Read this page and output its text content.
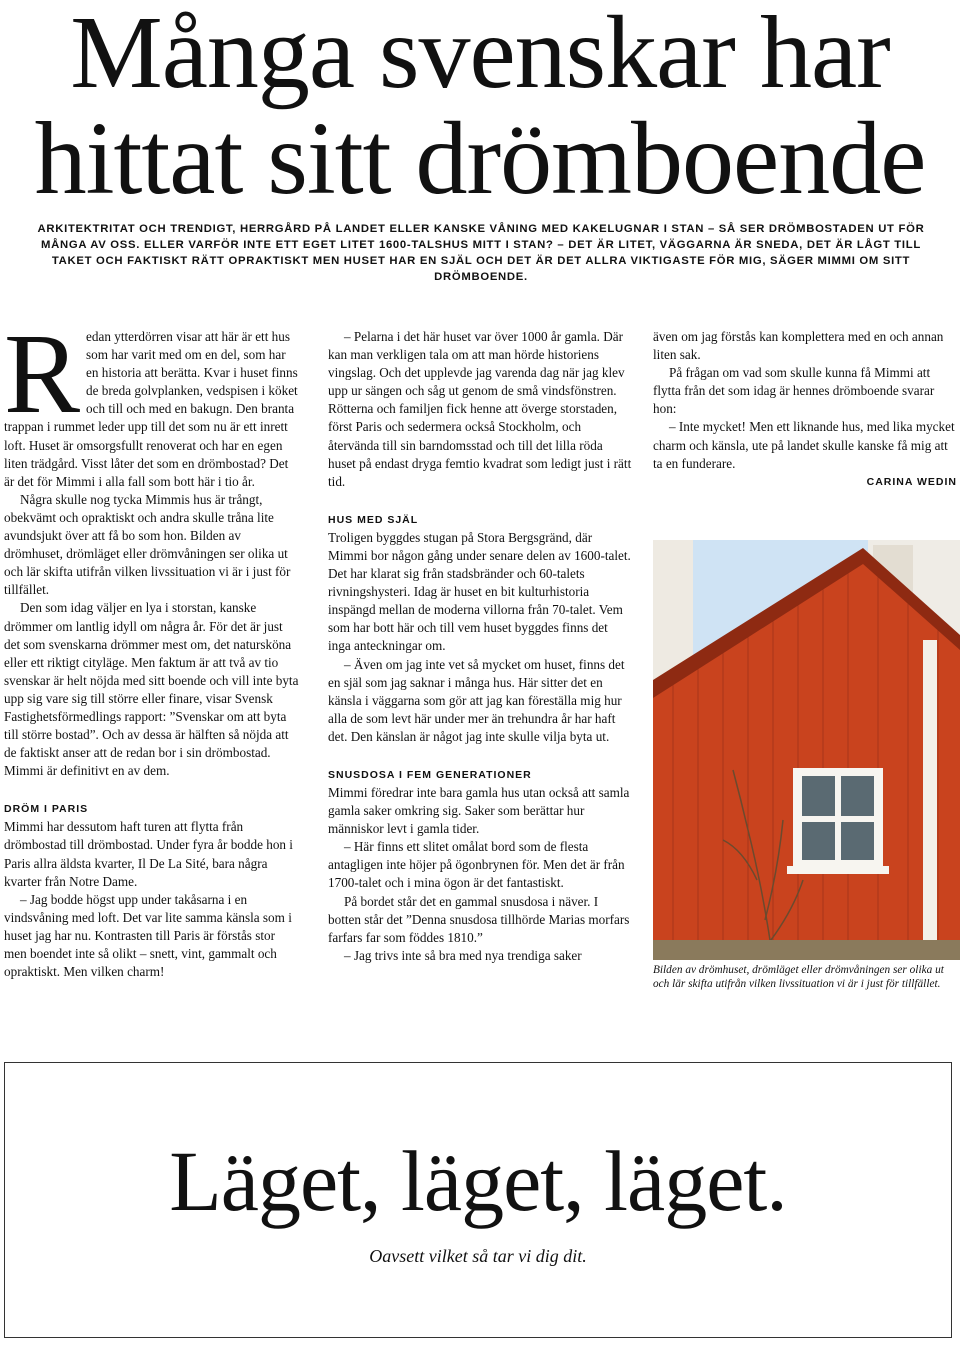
Många svenskar har
hittat sitt drömboende

ARKITEKTRITAT OCH TRENDIGT, HERRGÅRD PÅ LANDET ELLER KANSKE VÅNING MED KAKELUGNAR I STAN – SÅ SER DRÖMBOSTADEN UT FÖR MÅNGA AV OSS. ELLER VARFÖR INTE ETT EGET LITET 1600-TALSHUS MITT I STAN? – DET ÄR LITET, VÄGGARNA ÄR SNEDA, DET ÄR LÅGT TILL TAKET OCH FAKTISKT RÄTT OPRAKTISKT MEN HUSET HAR EN SJÄL OCH DET ÄR DET ALLRA VIKTIGASTE FÖR MIG, SÄGER MIMMI OM SITT DRÖMBOENDE.

R edan ytterdörren visar att här är ett hus som har varit med om en del, som har en historia att berätta. Kvar i huset finns de breda golvplanken, vedspisen i köket och till och med en bakugn. Den branta trappan i rummet leder upp till det som nu är ett inrett loft. Huset är omsorgsfullt renoverat och har en egen liten trädgård. Visst låter det som en drömbostad? Det är det för Mimmi i alla fall som bott här i tio år.

Några skulle nog tycka Mimmis hus är trångt, obekvämt och opraktiskt och andra skulle tråna lite avundsjukt över att få bo som hon. Bilden av drömhuset, drömläget eller drömvåningen ser olika ut och lär skifta utifrån vilken livssituation vi är i just för tillfället.

Den som idag väljer en lya i storstan, kanske drömmer om lantlig idyll om några år. För det är just det som svenskarna drömmer mest om, det natursköna eller ett riktigt cityläge. Men faktum är att två av tio svenskar är helt nöjda med sitt boende och vill inte byta upp sig vare sig till större eller finare, visar Svensk Fastighetsförmedlings rapport: ”Svenskar om att byta till större bostad”. Och av dessa är hälften så nöjda att de faktiskt anser att de redan bor i sin drömbostad. Mimmi är definitivt en av dem.

DRÖM I PARIS

Mimmi har dessutom haft turen att flytta från drömbostad till drömbostad. Under fyra år bodde hon i Paris allra äldsta kvarter, Il De La Sité, bara några kvarter från Notre Dame.

– Jag bodde högst upp under takåsarna i en vindsvåning med loft. Det var lite samma känsla som i huset jag har nu. Kontrasten till Paris är förstås stor men boendet inte så olikt – snett, vint, gammalt och opraktiskt. Men vilken charm!

– Pelarna i det här huset var över 1000 år gamla. Där kan man verkligen tala om att man hörde historiens vingslag. Och det upplevde jag varenda dag när jag klev upp ur sängen och såg ut genom de små vindsfönstren. Rötterna och familjen fick henne att överge storstaden, först Paris och sedermera också Stockholm, och återvända till sin barndomsstad och till det lilla röda huset på endast dryga femtio kvadrat som ledigt just i rätt tid.

HUS MED SJÄL

Troligen byggdes stugan på Stora Bergsgränd, där Mimmi bor någon gång under senare delen av 1600-talet. Det har klarat sig från stadsbränder och 60-talets rivningshysteri. Idag är huset en bit kulturhistoria inspängd mellan de moderna villorna från 70-talet. Vem som har bott här och till vem huset byggdes finns det inga anteckningar om.

– Även om jag inte vet så mycket om huset, finns det en själ som jag saknar i många hus. Här sitter det en känsla i väggarna som gör att jag kan föreställa mig hur alla de som levt här under mer än trehundra år har haft det. Den känslan är något jag inte skulle vilja byta ut.

SNUSDOSA I FEM GENERATIONER

Mimmi föredrar inte bara gamla hus utan också att samla gamla saker omkring sig. Saker som berättar hur människor levt i gamla tider.

– Här finns ett slitet omålat bord som de flesta antagligen inte höjer på ögonbrynen för. Men det är från 1700-talet och i mina ögon är det fantastiskt.

På bordet står det en gammal snusdosa i näver. I botten står det ”Denna snusdosa tillhörde Marias morfars farfars far som föddes 1810.”

– Jag trivs inte så bra med nya trendiga saker

även om jag förstås kan komplettera med en och annan liten sak.

På frågan om vad som skulle kunna få Mimmi att flytta från det som idag är hennes drömboende svarar hon:

– Inte mycket! Men ett liknande hus, med lika mycket charm och känsla, ute på landet skulle kanske få mig att ta en funderare.

CARINA WEDIN

Bilden av drömhuset, drömläget eller drömvåningen ser olika ut och lär skifta utifrån vilken livssituation vi är i just för tillfället.

Läget, läget, läget.

Oavsett vilket så tar vi dig dit.
